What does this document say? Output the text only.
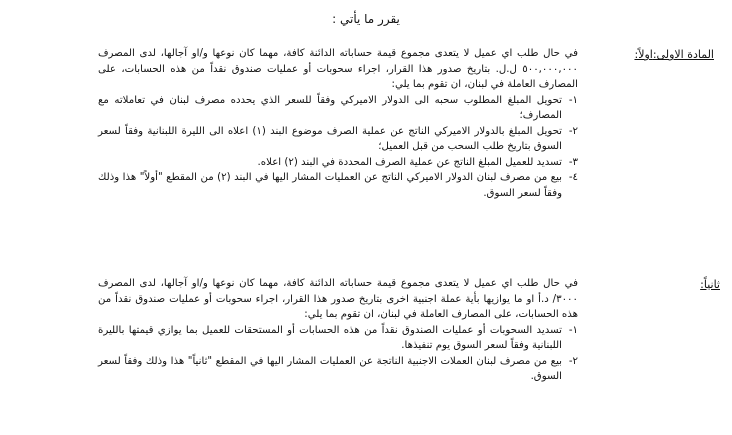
يقرر ما يأتي :
المادة الاولى:اولاً:

في حال طلب اي عميل لا يتعدى مجموع قيمة حساباته الدائنة كافة، مهما كان نوعها و/او آجالها، لدى المصرف ٥٠٠,٠٠٠,٠٠٠ ل.ل. بتاريخ صدور هذا القرار، اجراء سحوبات أو عمليات صندوق نقداً من هذه الحسابات، على المصارف العاملة في لبنان، ان تقوم بما يلي:

١-
تحويل المبلغ المطلوب سحبه الى الدولار الاميركي وفقاً للسعر الذي يحدده مصرف لبنان في تعاملاته مع المصارف؛
٢-
تحويل المبلغ بالدولار الاميركي الناتج عن عملية الصرف موضوع البند (١) اعلاه الى الليرة اللبنانية وفقاً لسعر السوق بتاريخ طلب السحب من قبل العميل؛
٣-
تسديد للعميل المبلغ الناتج عن عملية الصرف المحددة في البند (٢) اعلاه.
٤-
بيع من مصرف لبنان الدولار الاميركي الناتج عن العمليات المشار اليها في البند (٢) من المقطع "أولاً" هذا وذلك وفقاً لسعر السوق.
ثانياً:

في حال طلب اي عميل لا يتعدى مجموع قيمة حساباته الدائنة كافة، مهما كان نوعها و/او آجالها، لدى المصرف ٣٠٠٠/ د.أ او ما يوازيها بأية عملة اجنبية اخرى بتاريخ صدور هذا القرار، اجراء سحوبات أو عمليات صندوق نقداً من هذه الحسابات، على المصارف العاملة في لبنان، ان تقوم بما يلي:

١-
تسديد السحوبات أو عمليات الصندوق نقداً من هذه الحسابات أو المستحقات للعميل بما يوازي قيمتها بالليرة اللبنانية وفقاً لسعر السوق يوم تنفيذها.
٢-
بيع من مصرف لبنان العملات الاجنبية الناتجة عن العمليات المشار اليها في المقطع "ثانياً" هذا وذلك وفقاً لسعر السوق.
